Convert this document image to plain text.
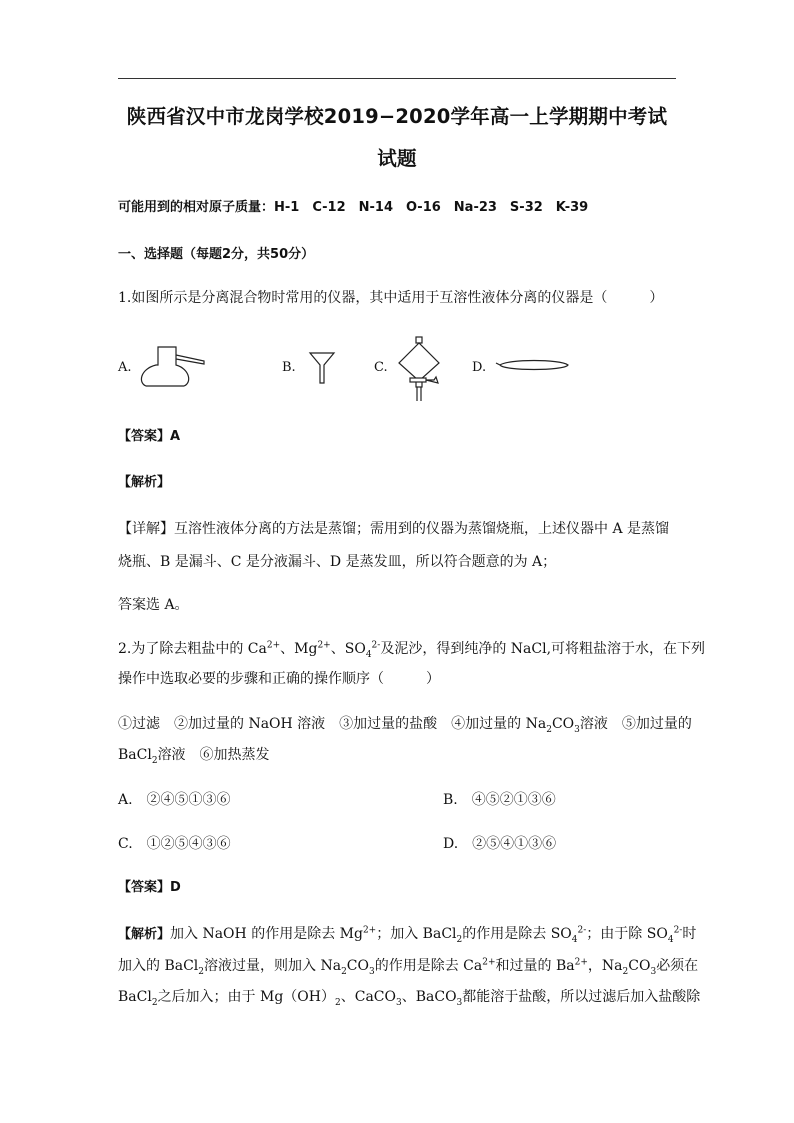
陕西省汉中市龙岗学校2019−2020学年高一上学期期中考试
试题
可能用到的相对原子质量：H-1　C-12　N-14　O-16　Na-23　S-32　K-39
一、选择题（每题2分，共50分）
1.如图所示是分离混合物时常用的仪器，其中适用于互溶性液体分离的仪器是（　　　）
A.	B.	C.	D.
【答案】A
【解析】
【详解】互溶性液体分离的方法是蒸馏；需用到的仪器为蒸馏烧瓶，上述仪器中 A 是蒸馏
烧瓶、B 是漏斗、C 是分液漏斗、D 是蒸发皿，所以符合题意的为 A；
答案选 A。
2.为了除去粗盐中的 $Ca^{2+}$、$Mg^{2+}$、$SO_4^{2-}$及泥沙，得到纯净的 NaCl,可将粗盐溶于水，在下列
操作中选取必要的步骤和正确的操作顺序（　　　）
①过滤　②加过量的 NaOH 溶液　③加过量的盐酸　④加过量的 $Na_2CO_3$溶液　⑤加过量的
BaCl$_2$溶液　⑥加热蒸发
A.　②④⑤①③⑥	B.　④⑤②①③⑥
C.　①②⑤④③⑥	D.　②⑤④①③⑥
【答案】D
【解析】加入 NaOH 的作用是除去 $Mg^{2+}$；加入 BaCl$_2$的作用是除去 $SO_4^{2-}$；由于除 $SO_4^{2-}$时
加入的 BaCl$_2$溶液过量，则加入 $Na_2CO_3$的作用是除去 $Ca^{2+}$和过量的 $Ba^{2+}$，$Na_2CO_3$必须在
BaCl$_2$之后加入；由于 $Mg(OH)_2$、CaCO$_3$、BaCO$_3$都能溶于盐酸，所以过滤后加入盐酸除
